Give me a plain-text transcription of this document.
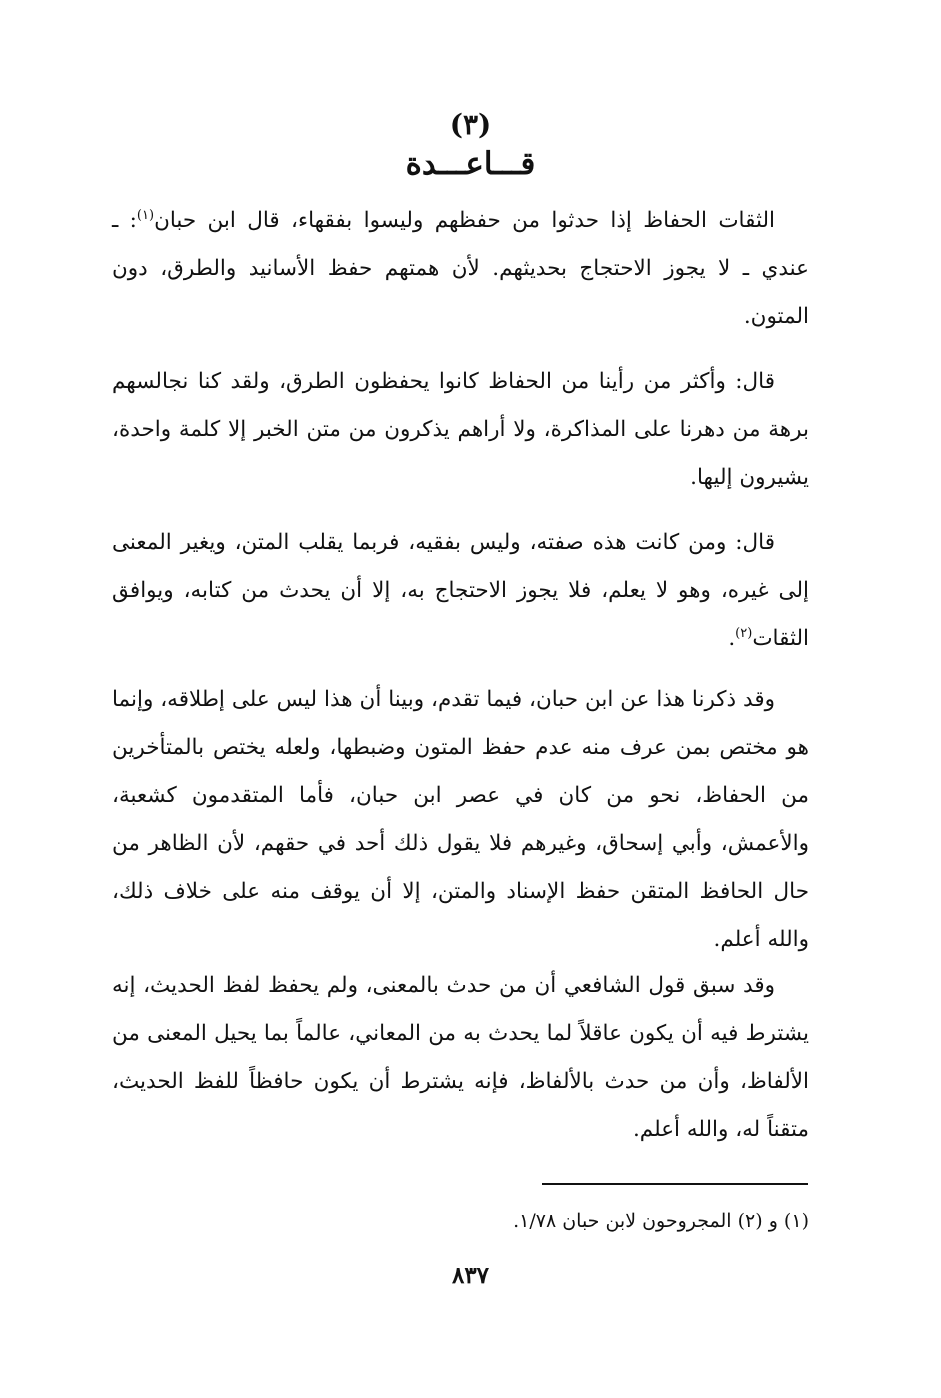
(٣)
قـــاعـــدة

الثقات الحفاظ إذا حدثوا من حفظهم وليسوا بفقهاء، قال ابن حبان$^{(١)}$: ـ عندي ـ لا يجوز الاحتجاج بحديثهم. لأن همتهم حفظ الأسانيد والطرق، دون المتون.

قال: وأكثر من رأينا من الحفاظ كانوا يحفظون الطرق، ولقد كنا نجالسهم برهة من دهرنا على المذاكرة، ولا أراهم يذكرون من متن الخبر إلا كلمة واحدة، يشيرون إليها.

قال: ومن كانت هذه صفته، وليس بفقيه، فربما يقلب المتن، ويغير المعنى إلى غيره، وهو لا يعلم، فلا يجوز الاحتجاج به، إلا أن يحدث من كتابه، ويوافق الثقات$^{(٢)}$.

وقد ذكرنا هذا عن ابن حبان، فيما تقدم، وبينا أن هذا ليس على إطلاقه، وإنما هو مختص بمن عرف منه عدم حفظ المتون وضبطها، ولعله يختص بالمتأخرين من الحفاظ، نحو من كان في عصر ابن حبان، فأما المتقدمون كشعبة، والأعمش، وأبي إسحاق، وغيرهم فلا يقول ذلك أحد في حقهم، لأن الظاهر من حال الحافظ المتقن حفظ الإسناد والمتن، إلا أن يوقف منه على خلاف ذلك، والله أعلم.

وقد سبق قول الشافعي أن من حدث بالمعنى، ولم يحفظ لفظ الحديث، إنه يشترط فيه أن يكون عاقلاً لما يحدث به من المعاني، عالماً بما يحيل المعنى من الألفاظ، وأن من حدث بالألفاظ، فإنه يشترط أن يكون حافظاً للفظ الحديث، متقناً له، والله أعلم.

(١) و (٢) المجروحون لابن حبان ١/٧٨.
٨٣٧
